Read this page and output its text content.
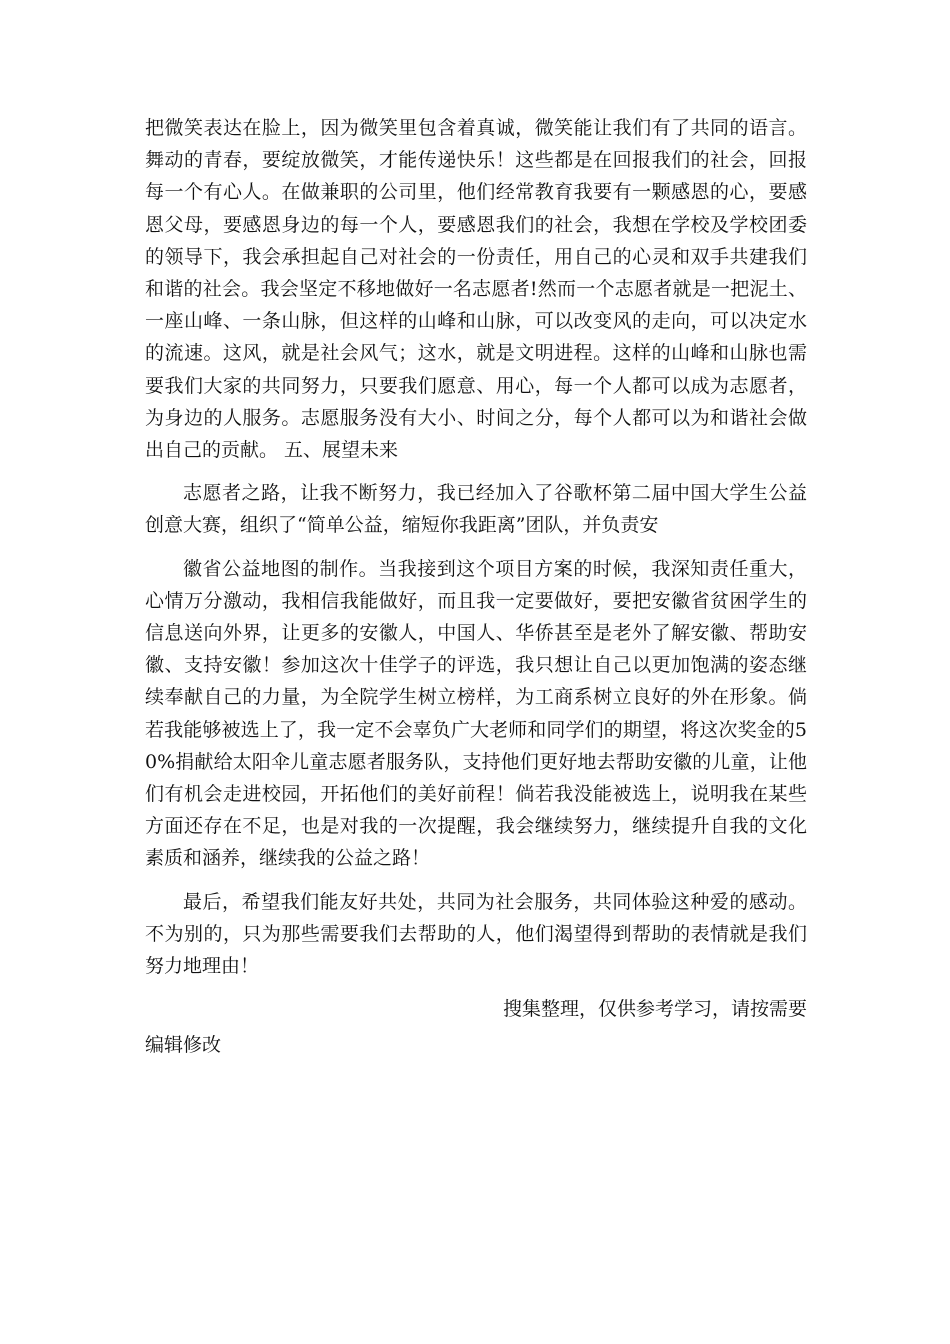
把微笑表达在脸上，因为微笑里包含着真诚，微笑能让我们有了共同的语言。舞动的青春，要绽放微笑，才能传递快乐！这些都是在回报我们的社会，回报每一个有心人。在做兼职的公司里，他们经常教育我要有一颗感恩的心，要感恩父母，要感恩身边的每一个人，要感恩我们的社会，我想在学校及学校团委的领导下，我会承担起自己对社会的一份责任，用自己的心灵和双手共建我们和谐的社会。我会坚定不移地做好一名志愿者!然而一个志愿者就是一把泥土、一座山峰、一条山脉，但这样的山峰和山脉，可以改变风的走向，可以决定水的流速。这风，就是社会风气；这水，就是文明进程。这样的山峰和山脉也需要我们大家的共同努力，只要我们愿意、用心，每一个人都可以成为志愿者，为身边的人服务。志愿服务没有大小、时间之分，每个人都可以为和谐社会做出自己的贡献。 五、展望未来

志愿者之路，让我不断努力，我已经加入了谷歌杯第二届中国大学生公益创意大赛，组织了“简单公益，缩短你我距离”团队，并负责安

徽省公益地图的制作。当我接到这个项目方案的时候，我深知责任重大，心情万分激动，我相信我能做好，而且我一定要做好，要把安徽省贫困学生的信息送向外界，让更多的安徽人，中国人、华侨甚至是老外了解安徽、帮助安徽、支持安徽！参加这次十佳学子的评选，我只想让自己以更加饱满的姿态继续奉献自己的力量，为全院学生树立榜样，为工商系树立良好的外在形象。倘若我能够被选上了，我一定不会辜负广大老师和同学们的期望，将这次奖金的50%捐献给太阳伞儿童志愿者服务队，支持他们更好地去帮助安徽的儿童，让他们有机会走进校园，开拓他们的美好前程！倘若我没能被选上，说明我在某些方面还存在不足，也是对我的一次提醒，我会继续努力，继续提升自我的文化素质和涵养，继续我的公益之路！

最后，希望我们能友好共处，共同为社会服务，共同体验这种爱的感动。不为别的，只为那些需要我们去帮助的人，他们渴望得到帮助的表情就是我们努力地理由！

搜集整理，仅供参考学习，请按需要

编辑修改
